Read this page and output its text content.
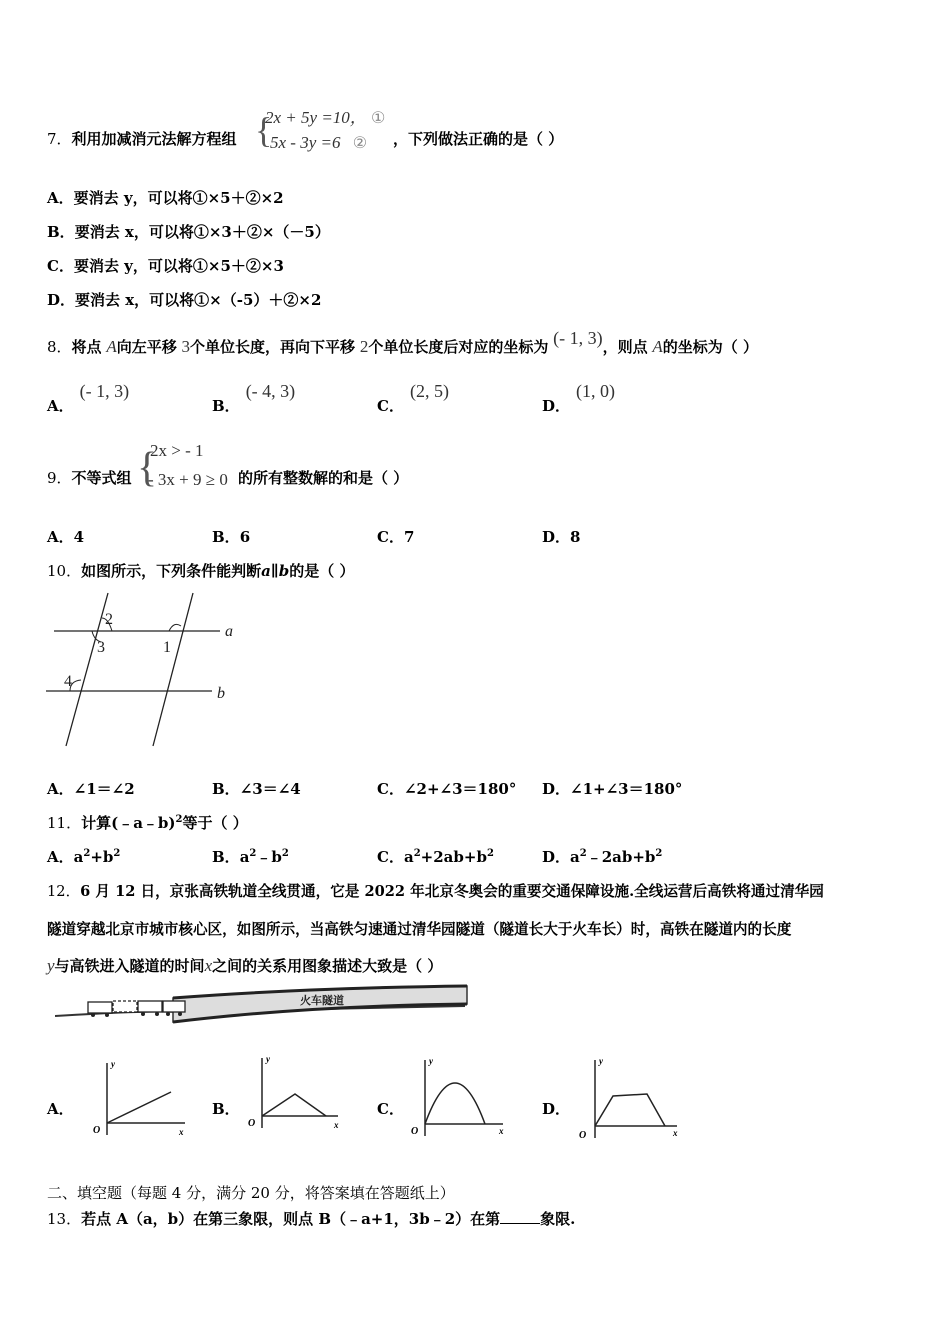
7．利用加减消元法解方程组 {
2x + 5y =10， ①
5x - 3y =6 ② ，下列做法正确的是（ ）
A．要消去 y，可以将①×5＋②×2
B．要消去 x，可以将①×3＋②×（－5）
C．要消去 y，可以将①×5＋②×3
D．要消去 x，可以将①×（-5）＋②×2
8．将点 A向左平移 3个单位长度，再向下平移 2个单位长度后对应的坐标为 (- 1, 3)，则点 A的坐标为（ ）
A．(- 1, 3)
B．(- 4, 3)
C．(2, 5)
D．(1, 0)
9．不等式组 {
2x > - 1
- 3x + 9 ≥ 0 的所有整数解的和是（ ）
A．4	B．6	C．7	D．8
10．如图所示，下列条件能判断a∥b的是（ ）
2
3	1
4
a
b
A．∠1＝∠2	B．∠3＝∠4	C．∠2+∠3＝180° D．∠1+∠3＝180°
11．计算(﹣a﹣b)$^2$等于（ ）
A．$a^2+b^2$	B．$a^2﹣b^2$	C．$a^2+2ab+b^2$	D．$a^2﹣2ab+b^2$
12．6 月 12 日，京张高铁轨道全线贯通，它是 2022 年北京冬奥会的重要交通保障设施.全线运营后高铁将通过清华园
隧道穿越北京市城市核心区，如图所示，当高铁匀速通过清华园隧道（隧道长大于火车长）时，高铁在隧道内的长度
y与高铁进入隧道的时间x之间的关系用图象描述大致是（ ）
火车隧道
A．
y
x
O
B．
y
x
O
C．
y
x
O
D．
y
x
O
二、填空题（每题 4 分，满分 20 分，将答案填在答题纸上）
13．若点 A（a，b）在第三象限，则点 B（﹣a+1，3b﹣2）在第	象限.
